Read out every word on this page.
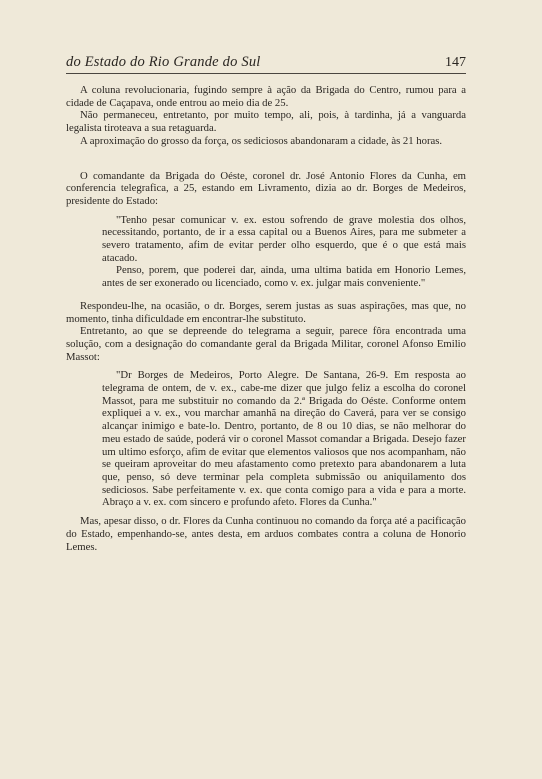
do Estado do Rio Grande do Sul	147

A coluna revolucionaria, fugindo sempre à ação da Brigada do Centro, rumou para a cidade de Caçapava, onde entrou ao meio dia de 25.

Não permaneceu, entretanto, por muito tempo, ali, pois, à tardinha, já a vanguarda legalista tiroteava a sua retaguarda.

A aproximação do grosso da força, os sediciosos abandonaram a cidade, às 21 horas.

O comandante da Brigada do Oéste, coronel dr. José Antonio Flores da Cunha, em conferencia telegrafica, a 25, estando em Livramento, dizia ao dr. Borges de Medeiros, presidente do Estado:

"Tenho pesar comunicar v. ex. estou sofrendo de grave molestia dos olhos, necessitando, portanto, de ir a essa capital ou a Buenos Aires, para me submeter a severo tratamento, afim de evitar perder olho esquerdo, que é o que está mais atacado.

Penso, porem, que poderei dar, ainda, uma ultima batida em Honorio Lemes, antes de ser exonerado ou licenciado, como v. ex. julgar mais conveniente."

Respondeu-lhe, na ocasião, o dr. Borges, serem justas as suas aspirações, mas que, no momento, tinha dificuldade em encontrar-lhe substituto.

Entretanto, ao que se depreende do telegrama a seguir, parece fôra encontrada uma solução, com a designação do comandante geral da Brigada Militar, coronel Afonso Emilio Massot:

"Dr Borges de Medeiros, Porto Alegre. De Santana, 26-9. Em resposta ao telegrama de ontem, de v. ex., cabe-me dizer que julgo feliz a escolha do coronel Massot, para me substituir no comando da 2.ª Brigada do Oéste. Conforme ontem expliquei a v. ex., vou marchar amanhã na direção do Caverá, para ver se consigo alcançar inimigo e bate-lo. Dentro, portanto, de 8 ou 10 dias, se não melhorar do meu estado de saúde, poderá vir o coronel Massot comandar a Brigada. Desejo fazer um ultimo esforço, afim de evitar que elementos valiosos que nos acompanham, não se queiram aproveitar do meu afastamento como pretexto para abandonarem a luta que, penso, só deve terminar pela completa submissão ou aniquilamento dos sediciosos. Sabe perfeitamente v. ex. que conta comigo para a vida e para a morte. Abraço a v. ex. com sincero e profundo afeto. Flores da Cunha."

Mas, apesar disso, o dr. Flores da Cunha continuou no comando da força até a pacificação do Estado, empenhando-se, antes desta, em arduos combates contra a coluna de Honorio Lemes.
